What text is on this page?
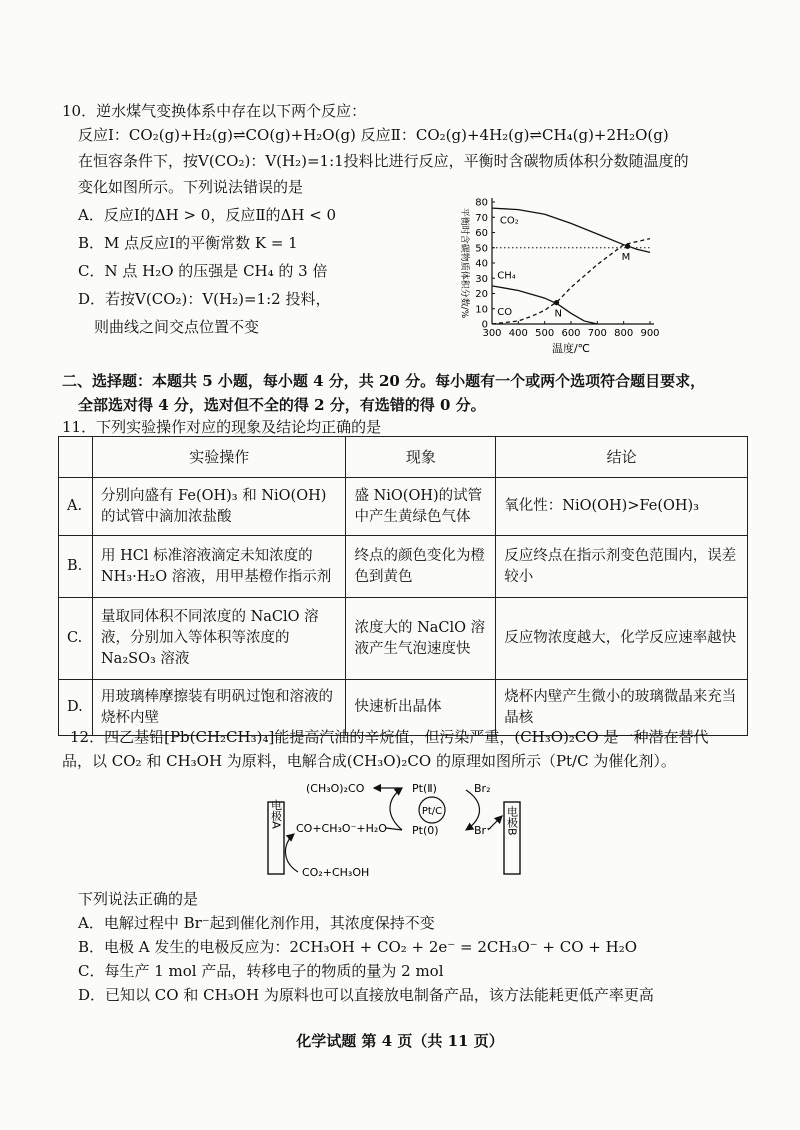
10．逆水煤气变换体系中存在以下两个反应：
反应Ⅰ：CO₂(g)+H₂(g)⇌CO(g)+H₂O(g) 反应Ⅱ：CO₂(g)+4H₂(g)⇌CH₄(g)+2H₂O(g)
在恒容条件下，按V(CO₂)：V(H₂)=1:1投料比进行反应，平衡时含碳物质体积分数随温度的
变化如图所示。下列说法错误的是
A．反应Ⅰ的ΔH > 0，反应Ⅱ的ΔH < 0
B．M 点反应Ⅰ的平衡常数 K = 1
C．N 点 H₂O 的压强是 CH₄ 的 3 倍
D．若按V(CO₂)：V(H₂)=1:2 投料，
则曲线之间交点位置不变	300 400 500 600 700 800 900
0
10
20
30
40
50
60
70
80
温度/℃
平衡时含碳物质体积分数/%	CO₂
CH₄
CO
M
N
二、选择题：本题共 5 小题，每小题 4 分，共 20 分。每小题有一个或两个选项符合题目要求，
全部选对得 4 分，选对但不全的得 2 分，有选错的得 0 分。
11．下列实验操作对应的现象及结论均正确的是
	实验操作	现象	结论
A.	分别向盛有 Fe(OH)₃ 和 NiO(OH)的试管中滴加浓盐酸	盛 NiO(OH)的试管中产生黄绿色气体	氧化性：NiO(OH)>Fe(OH)₃
B.	用 HCl 标准溶液滴定未知浓度的 NH₃·H₂O 溶液，用甲基橙作指示剂	终点的颜色变化为橙色到黄色	反应终点在指示剂变色范围内，误差较小
C.	量取同体积不同浓度的 NaClO 溶液，分别加入等体积等浓度的 Na₂SO₃ 溶液	浓度大的 NaClO 溶液产生气泡速度快	反应物浓度越大，化学反应速率越快
D.	用玻璃棒摩擦装有明矾过饱和溶液的烧杯内壁	快速析出晶体	烧杯内壁产生微小的玻璃微晶来充当晶核
12．四乙基铅[Pb(CH₂CH₃)₄]能提高汽油的辛烷值，但污染严重，(CH₃O)₂CO 是一种潜在替代
品，以 CO₂ 和 CH₃OH 为原料，电解合成(CH₃O)₂CO 的原理如图所示（Pt/C 为催化剂）。
电极A	电极B
(CH₃O)₂CO
CO+CH₃O⁻+H₂O
CO₂+CH₃OH
Pt(Ⅱ)
Pt(0)
Pt/C
Br₂
Br⁻
下列说法正确的是
A．电解过程中 Br⁻起到催化剂作用，其浓度保持不变
B．电极 A 发生的电极反应为：2CH₃OH + CO₂ + 2e⁻ = 2CH₃O⁻ + CO + H₂O
C．每生产 1 mol 产品，转移电子的物质的量为 2 mol
D．已知以 CO 和 CH₃OH 为原料也可以直接放电制备产品，该方法能耗更低产率更高
化学试题 第 4 页（共 11 页）
